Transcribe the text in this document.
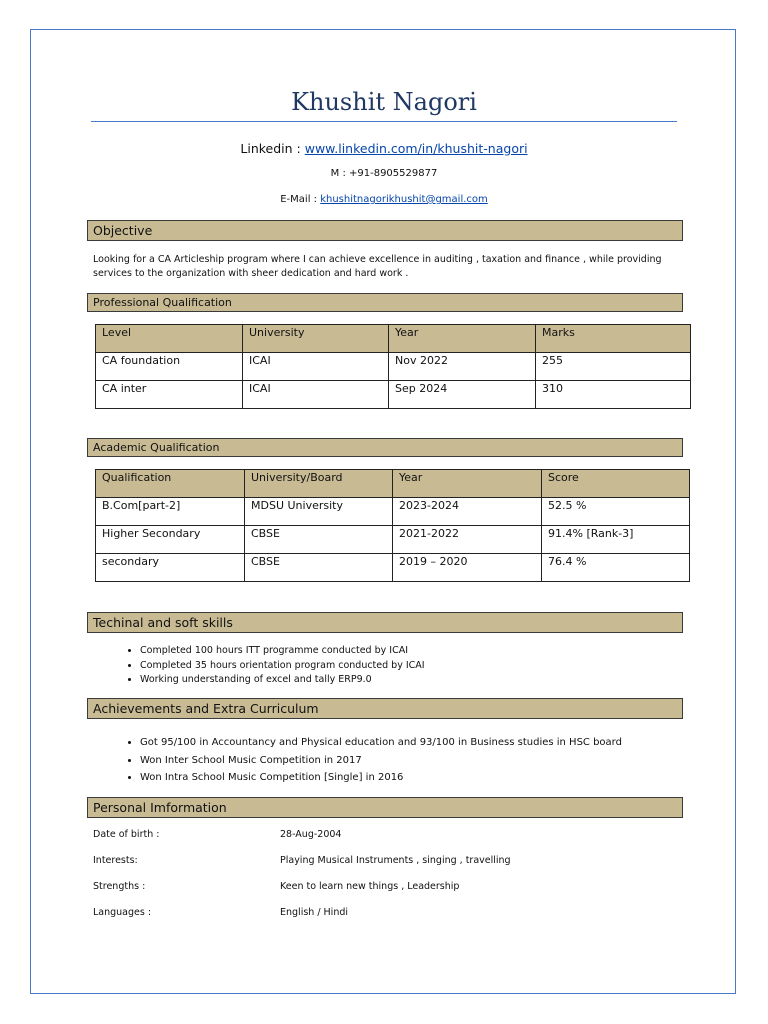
Khushit Nagori
Linkedin : www.linkedin.com/in/khushit-nagori
M : +91-8905529877
E-Mail : khushitnagorikhushit@gmail.com
Objective
Looking for a CA Articleship program where I can achieve excellence in auditing , taxation and finance , while providing
services to the organization with sheer dedication and hard work .
Professional Qualification
Level	University	Year	Marks
CA foundation	ICAI	Nov 2022	255
CA inter	ICAI	Sep 2024	310
Academic Qualification
Qualification	University/Board	Year	Score
B.Com[part-2]	MDSU University	2023-2024	52.5 %
Higher Secondary	CBSE	2021-2022	91.4% [Rank-3]
secondary	CBSE	2019 – 2020	76.4 %
Techinal and soft skills
• Completed 100 hours ITT programme conducted by ICAI
• Completed 35 hours orientation program conducted by ICAI
• Working understanding of excel and tally ERP9.0
Achievements and Extra Curriculum
• Got 95/100 in Accountancy and Physical education and 93/100 in Business studies in HSC board
• Won Inter School Music Competition in 2017
• Won Intra School Music Competition [Single] in 2016
Personal Imformation
Date of birth :	28-Aug-2004
Interests:	Playing Musical Instruments , singing , travelling
Strengths :	Keen to learn new things , Leadership
Languages :	English / Hindi
